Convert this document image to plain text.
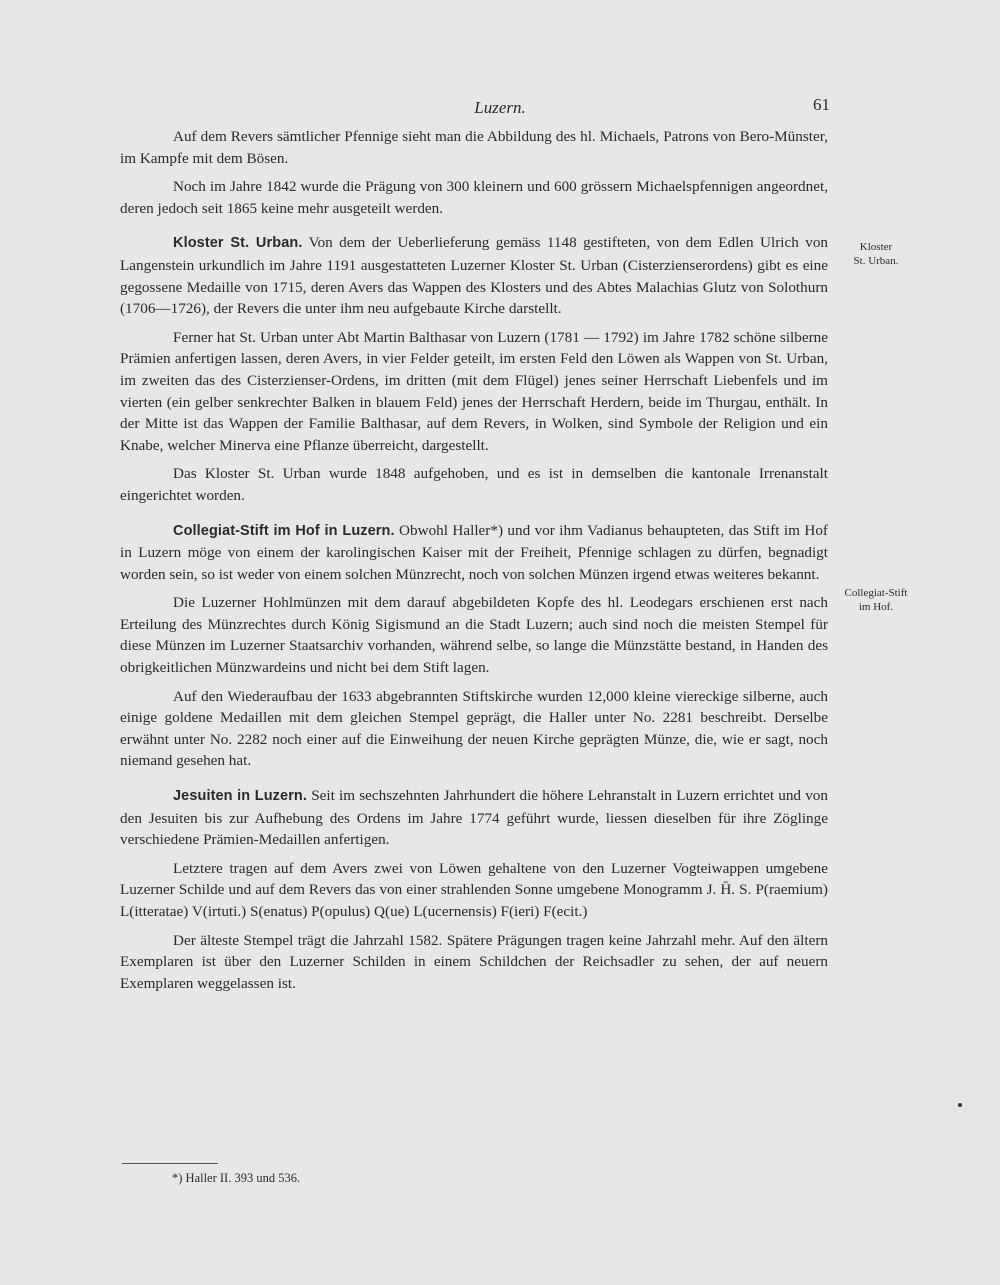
Luzern.	61

Auf dem Revers sämtlicher Pfennige sieht man die Abbildung des hl. Michaels, Patrons von Bero-Münster, im Kampfe mit dem Bösen.

Noch im Jahre 1842 wurde die Prägung von 300 kleinern und 600 grössern Michaelspfennigen angeordnet, deren jedoch seit 1865 keine mehr ausgeteilt werden.

Kloster St. Urban. Von dem der Ueberlieferung gemäss 1148 gestifteten, von dem Edlen Ulrich von Langenstein urkundlich im Jahre 1191 ausgestatteten Luzerner Kloster St. Urban (Cisterzienserordens) gibt es eine gegossene Medaille von 1715, deren Avers das Wappen des Klosters und des Abtes Malachias Glutz von Solothurn (1706—1726), der Revers die unter ihm neu aufgebaute Kirche darstellt.

Ferner hat St. Urban unter Abt Martin Balthasar von Luzern (1781 — 1792) im Jahre 1782 schöne silberne Prämien anfertigen lassen, deren Avers, in vier Felder geteilt, im ersten Feld den Löwen als Wappen von St. Urban, im zweiten das des Cisterzienser-Ordens, im dritten (mit dem Flügel) jenes seiner Herrschaft Liebenfels und im vierten (ein gelber senkrechter Balken in blauem Feld) jenes der Herrschaft Herdern, beide im Thurgau, enthält. In der Mitte ist das Wappen der Familie Balthasar, auf dem Revers, in Wolken, sind Symbole der Religion und ein Knabe, welcher Minerva eine Pflanze überreicht, dargestellt.

Das Kloster St. Urban wurde 1848 aufgehoben, und es ist in demselben die kantonale Irrenanstalt eingerichtet worden.

Collegiat-Stift im Hof in Luzern. Obwohl Haller*) und vor ihm Vadianus behaupteten, das Stift im Hof in Luzern möge von einem der karolingischen Kaiser mit der Freiheit, Pfennige schlagen zu dürfen, begnadigt worden sein, so ist weder von einem solchen Münzrecht, noch von solchen Münzen irgend etwas weiteres bekannt.

Die Luzerner Hohlmünzen mit dem darauf abgebildeten Kopfe des hl. Leodegars erschienen erst nach Erteilung des Münzrechtes durch König Sigismund an die Stadt Luzern; auch sind noch die meisten Stempel für diese Münzen im Luzerner Staatsarchiv vorhanden, während selbe, so lange die Münzstätte bestand, in Handen des obrigkeitlichen Münzwardeins und nicht bei dem Stift lagen.

Auf den Wiederaufbau der 1633 abgebrannten Stiftskirche wurden 12,000 kleine viereckige silberne, auch einige goldene Medaillen mit dem gleichen Stempel geprägt, die Haller unter No. 2281 beschreibt. Derselbe erwähnt unter No. 2282 noch einer auf die Einweihung der neuen Kirche geprägten Münze, die, wie er sagt, noch niemand gesehen hat.

Jesuiten in Luzern. Seit im sechszehnten Jahrhundert die höhere Lehranstalt in Luzern errichtet und von den Jesuiten bis zur Aufhebung des Ordens im Jahre 1774 geführt wurde, liessen dieselben für ihre Zöglinge verschiedene Prämien-Medaillen anfertigen.

Letztere tragen auf dem Avers zwei von Löwen gehaltene von den Luzerner Vogteiwappen umgebene Luzerner Schilde und auf dem Revers das von einer strahlenden Sonne umgebene Monogramm J. H̄. S. P(raemium) L(itteratae) V(irtuti.) S(enatus) P(opulus) Q(ue) L(ucernensis) F(ieri) F(ecit.)

Der älteste Stempel trägt die Jahrzahl 1582. Spätere Prägungen tragen keine Jahrzahl mehr. Auf den ältern Exemplaren ist über den Luzerner Schilden in einem Schildchen der Reichsadler zu sehen, der auf neuern Exemplaren weggelassen ist.

Kloster
St. Urban.
Collegiat-Stift
im Hof.
*) Haller II. 393 und 536.
